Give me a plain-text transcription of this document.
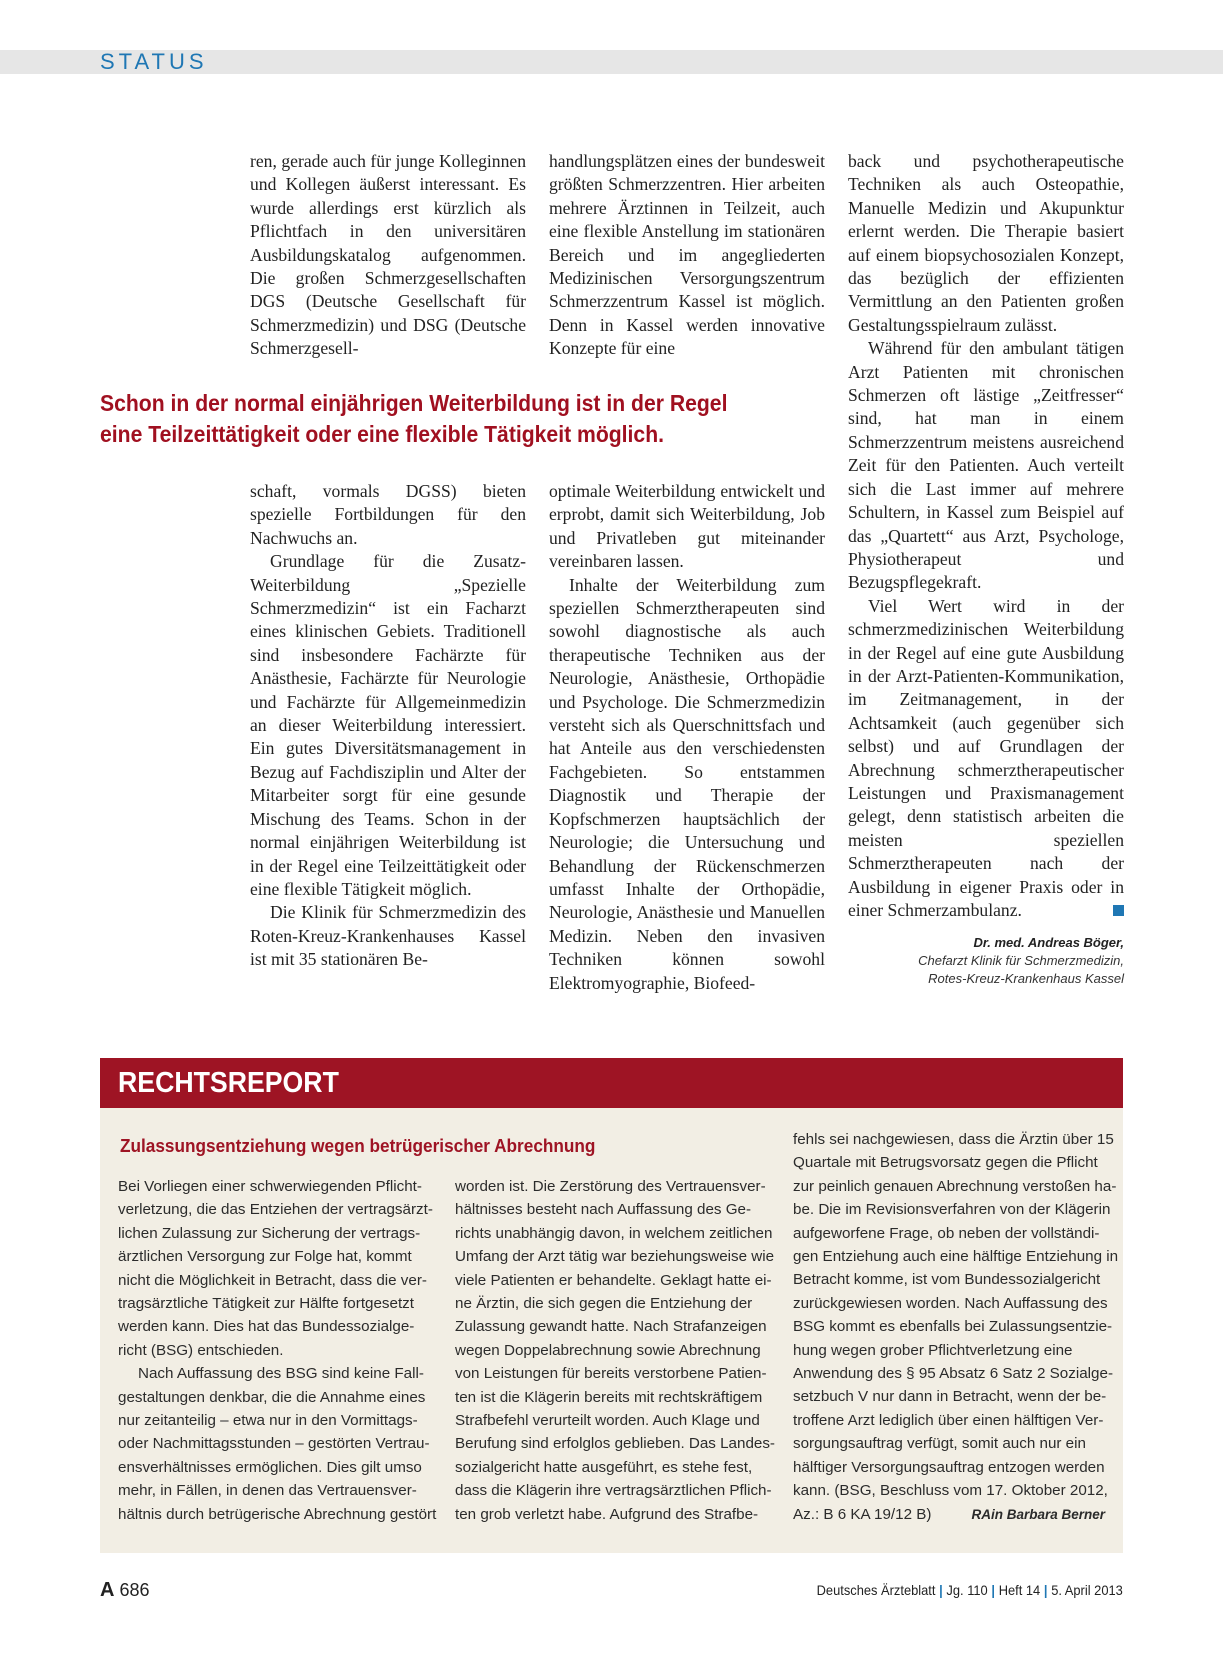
STATUS

ren, gerade auch für junge Kolleginnen und Kollegen äußerst interessant. Es wurde allerdings erst kürzlich als Pflichtfach in den universitären Ausbildungskatalog aufgenommen. Die großen Schmerzgesellschaften DGS (Deutsche Gesellschaft für Schmerzmedizin) und DSG (Deutsche Schmerzgesell-

handlungsplätzen eines der bundesweit größten Schmerzzentren. Hier arbeiten mehrere Ärztinnen in Teilzeit, auch eine flexible Anstellung im stationären Bereich und im angegliederten Medizinischen Versorgungszentrum Schmerzzentrum Kassel ist möglich. Denn in Kassel werden innovative Konzepte für eine

Schon in der normal einjährigen Weiterbildung ist in der Regel
eine Teilzeittätigkeit oder eine flexible Tätigkeit möglich.

schaft, vormals DGSS) bieten spezielle Fortbildungen für den Nachwuchs an.

Grundlage für die Zusatz-Weiterbildung „Spezielle Schmerzmedizin“ ist ein Facharzt eines klinischen Gebiets. Traditionell sind insbesondere Fachärzte für Anästhesie, Fachärzte für Neurologie und Fachärzte für Allgemeinmedizin an dieser Weiterbildung interessiert. Ein gutes Diversitätsmanagement in Bezug auf Fachdisziplin und Alter der Mitarbeiter sorgt für eine gesunde Mischung des Teams. Schon in der normal einjährigen Weiterbildung ist in der Regel eine Teilzeittätigkeit oder eine flexible Tätigkeit möglich.

Die Klinik für Schmerzmedizin des Roten-Kreuz-Krankenhauses Kassel ist mit 35 stationären Be-

optimale Weiterbildung entwickelt und erprobt, damit sich Weiterbildung, Job und Privatleben gut miteinander vereinbaren lassen.

Inhalte der Weiterbildung zum speziellen Schmerztherapeuten sind sowohl diagnostische als auch therapeutische Techniken aus der Neurologie, Anästhesie, Orthopädie und Psychologe. Die Schmerzmedizin versteht sich als Querschnittsfach und hat Anteile aus den verschiedensten Fachgebieten. So entstammen Diagnostik und Therapie der Kopfschmerzen hauptsächlich der Neurologie; die Untersuchung und Behandlung der Rückenschmerzen umfasst Inhalte der Orthopädie, Neurologie, Anästhesie und Manuellen Medizin. Neben den invasiven Techniken können sowohl Elektromyographie, Biofeed-

back und psychotherapeutische Techniken als auch Osteopathie, Manuelle Medizin und Akupunktur erlernt werden. Die Therapie basiert auf einem biopsychosozialen Konzept, das bezüglich der effizienten Vermittlung an den Patienten großen Gestaltungsspielraum zulässt.

Während für den ambulant tätigen Arzt Patienten mit chronischen Schmerzen oft lästige „Zeitfresser“ sind, hat man in einem Schmerzzentrum meistens ausreichend Zeit für den Patienten. Auch verteilt sich die Last immer auf mehrere Schultern, in Kassel zum Beispiel auf das „Quartett“ aus Arzt, Psychologe, Physiotherapeut und Bezugspflegekraft.

Viel Wert wird in der schmerzmedizinischen Weiterbildung in der Regel auf eine gute Ausbildung in der Arzt-Patienten-Kommunikation, im Zeitmanagement, in der Achtsamkeit (auch gegenüber sich selbst) und auf Grundlagen der Abrechnung schmerztherapeutischer Leistungen und Praxismanagement gelegt, denn statistisch arbeiten die meisten speziellen Schmerztherapeuten nach der Ausbildung in eigener Praxis oder in einer Schmerzambulanz.

Dr. med. Andreas Böger,
Chefarzt Klinik für Schmerzmedizin,
Rotes-Kreuz-Krankenhaus Kassel
RECHTSREPORT
Zulassungsentziehung wegen betrügerischer Abrechnung
Bei Vorliegen einer schwerwiegenden Pflicht-
verletzung, die das Entziehen der vertragsärzt-
lichen Zulassung zur Sicherung der vertrags-
ärztlichen Versorgung zur Folge hat, kommt
nicht die Möglichkeit in Betracht, dass die ver-
tragsärztliche Tätigkeit zur Hälfte fortgesetzt
werden kann. Dies hat das Bundessozialge-
richt (BSG) entschieden.
Nach Auffassung des BSG sind keine Fall-
gestaltungen denkbar, die die Annahme eines
nur zeitanteilig – etwa nur in den Vormittags-
oder Nachmittagsstunden – gestörten Vertrau-
ensverhältnisses ermöglichen. Dies gilt umso
mehr, in Fällen, in denen das Vertrauensver-
hältnis durch betrügerische Abrechnung gestört
worden ist. Die Zerstörung des Vertrauensver-
hältnisses besteht nach Auffassung des Ge-
richts unabhängig davon, in welchem zeitlichen
Umfang der Arzt tätig war beziehungsweise wie
viele Patienten er behandelte. Geklagt hatte ei-
ne Ärztin, die sich gegen die Entziehung der
Zulassung gewandt hatte. Nach Strafanzeigen
wegen Doppelabrechnung sowie Abrechnung
von Leistungen für bereits verstorbene Patien-
ten ist die Klägerin bereits mit rechtskräftigem
Strafbefehl verurteilt worden. Auch Klage und
Berufung sind erfolglos geblieben. Das Landes-
sozialgericht hatte ausgeführt, es stehe fest,
dass die Klägerin ihre vertragsärztlichen Pflich-
ten grob verletzt habe. Aufgrund des Strafbe-
fehls sei nachgewiesen, dass die Ärztin über 15
Quartale mit Betrugsvorsatz gegen die Pflicht
zur peinlich genauen Abrechnung verstoßen ha-
be. Die im Revisionsverfahren von der Klägerin
aufgeworfene Frage, ob neben der vollständi-
gen Entziehung auch eine hälftige Entziehung in
Betracht komme, ist vom Bundessozialgericht
zurückgewiesen worden. Nach Auffassung des
BSG kommt es ebenfalls bei Zulassungsentzie-
hung wegen grober Pflichtverletzung eine
Anwendung des § 95 Absatz 6 Satz 2 Sozialge-
setzbuch V nur dann in Betracht, wenn der be-
troffene Arzt lediglich über einen hälftigen Ver-
sorgungsauftrag verfügt, somit auch nur ein
hälftiger Versorgungsauftrag entzogen werden
kann. (BSG, Beschluss vom 17. Oktober 2012,
Az.: B 6 KA 19/12 B)	RAin Barbara Berner
A 686	Deutsches Ärzteblatt | Jg. 110 | Heft 14 | 5. April 2013
